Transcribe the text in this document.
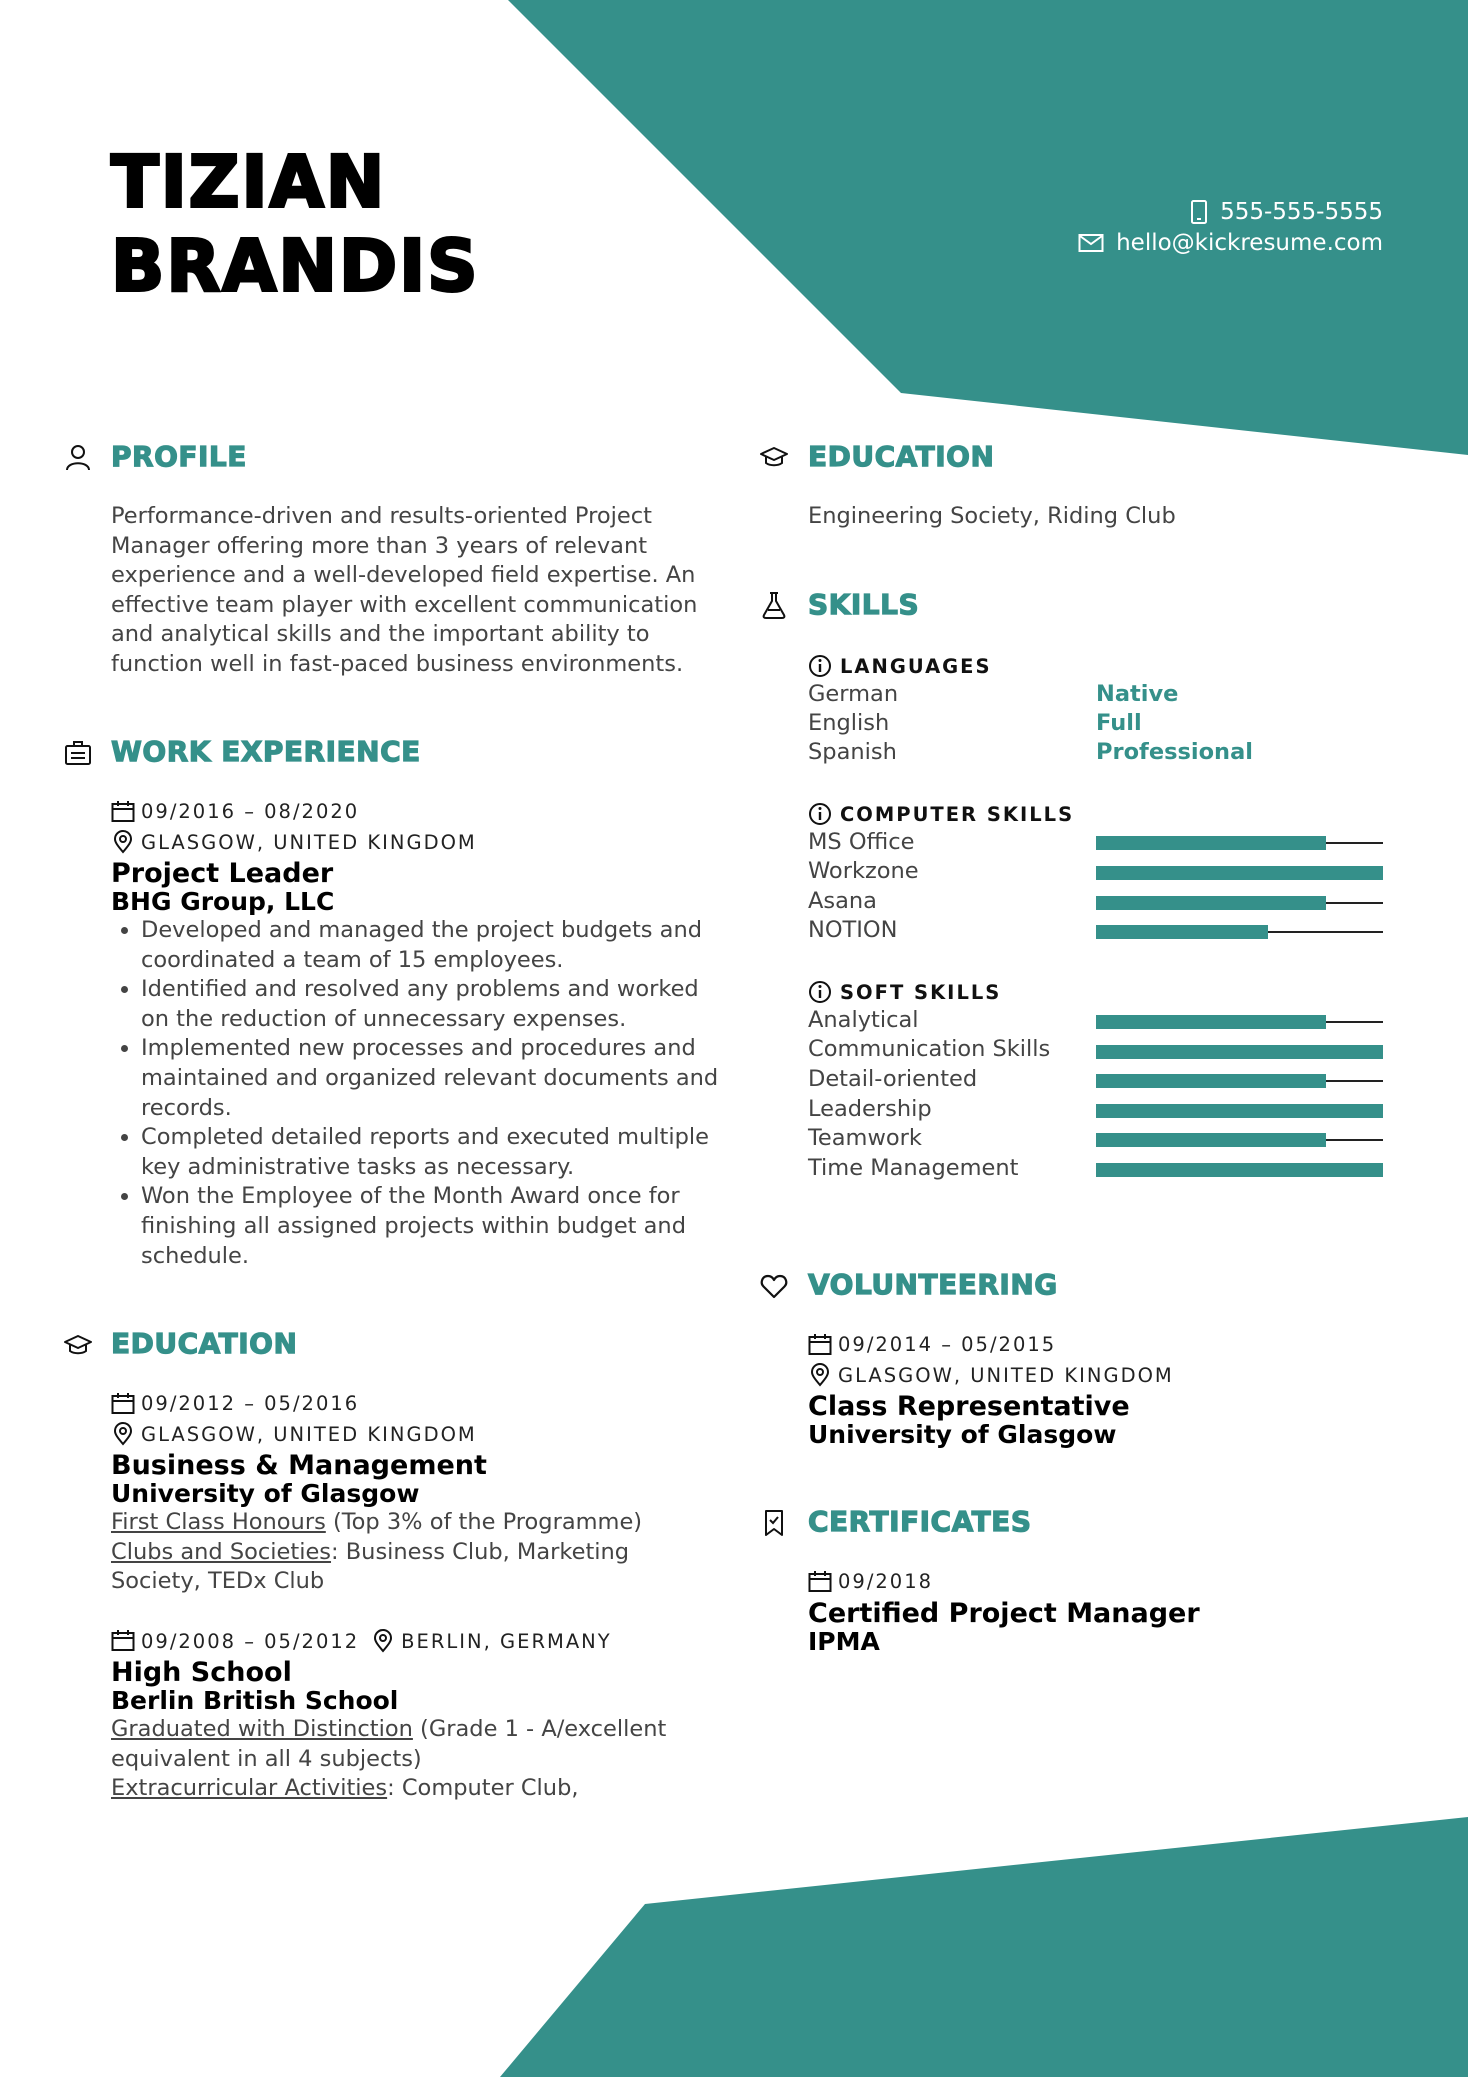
TIZIAN
BRANDIS
555-555-5555
hello@kickresume.com
PROFILE
Performance-driven and results-oriented Project
Manager offering more than 3 years of relevant
experience and a well-developed field expertise. An
effective team player with excellent communication
and analytical skills and the important ability to
function well in fast-paced business environments.
WORK EXPERIENCE
09/2016 – 08/2020
GLASGOW, UNITED KINGDOM
Project Leader
BHG Group, LLC
• Developed and managed the project budgets and
coordinated a team of 15 employees.
• Identified and resolved any problems and worked
on the reduction of unnecessary expenses.
• Implemented new processes and procedures and
maintained and organized relevant documents and
records.
• Completed detailed reports and executed multiple
key administrative tasks as necessary.
• Won the Employee of the Month Award once for
finishing all assigned projects within budget and
schedule.
EDUCATION
09/2012 – 05/2016
GLASGOW, UNITED KINGDOM
Business & Management
University of Glasgow
First Class Honours (Top 3% of the Programme)
Clubs and Societies: Business Club, Marketing
Society, TEDx Club
09/2008 – 05/2012 BERLIN, GERMANY
High School
Berlin British School
Graduated with Distinction (Grade 1 - A/excellent
equivalent in all 4 subjects)
Extracurricular Activities: Computer Club,
EDUCATION
Engineering Society, Riding Club
SKILLS
LANGUAGES
German	Native
English	Full
Spanish	Professional
COMPUTER SKILLS
MS Office
Workzone
Asana
NOTION
SOFT SKILLS
Analytical
Communication Skills
Detail-oriented
Leadership
Teamwork
Time Management
VOLUNTEERING
09/2014 – 05/2015
GLASGOW, UNITED KINGDOM
Class Representative
University of Glasgow
CERTIFICATES
09/2018
Certified Project Manager
IPMA
